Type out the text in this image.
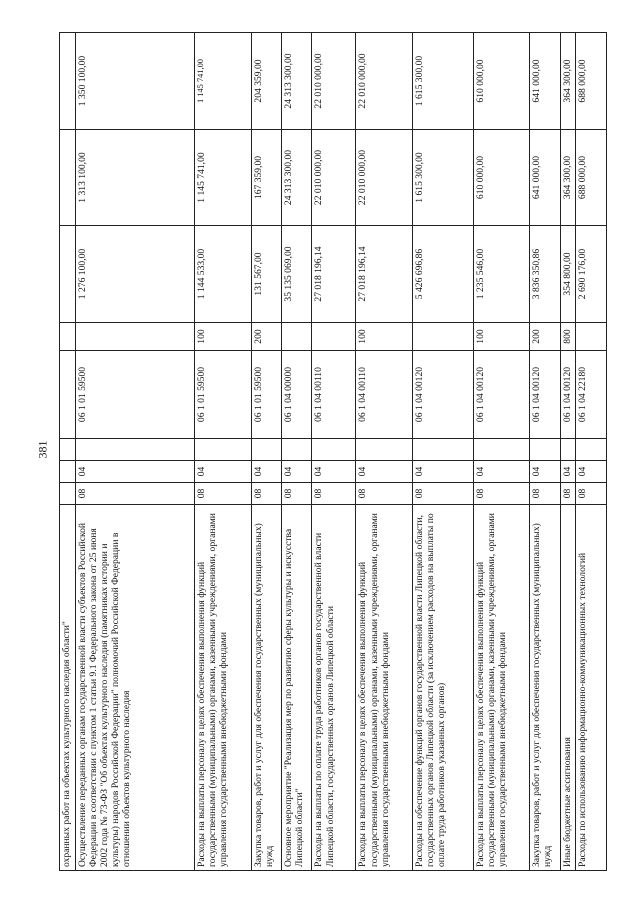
381
охранных работ на объектах культурного наследия области"								
Осуществление переданных органам государственной власти субъектов Российской Федерации в соответствии с пунктом 1 статьи 9.1 Федерального закона от 25 июня 2002 года № 73-ФЗ "Об объектах культурного наследия (памятниках истории и культуры) народов Российской Федерации" полномочий Российской Федерации в отношении объектов культурного наследия	08	04		06 1 01 59500		1 276 100,00	1 313 100,00	1 350 100,00
Расходы на выплаты персоналу в целях обеспечения выполнения функций государственными (муниципальными) органами, казенными учреждениями, органами управления государственными внебюджетными фондами	08	04		06 1 01 59500	100	1 144 533,00	1 145 741,00	1 145 741,00
Закупка товаров, работ и услуг для обеспечения государственных (муниципальных) нужд	08	04		06 1 01 59500	200	131 567,00	167 359,00	204 359,00
Основное мероприятие "Реализация мер по развитию сферы культуры и искусства Липецкой области"	08	04		06 1 04 00000		35 135 069,00	24 313 300,00	24 313 300,00
Расходы на выплаты по оплате труда работников органов государственной власти Липецкой области, государственных органов Липецкой области	08	04		06 1 04 00110		27 018 196,14	22 010 000,00	22 010 000,00
Расходы на выплаты персоналу в целях обеспечения выполнения функций государственными (муниципальными) органами, казенными учреждениями, органами управления государственными внебюджетными фондами	08	04		06 1 04 00110	100	27 018 196,14	22 010 000,00	22 010 000,00
Расходы на обеспечение функций органов государственной власти Липецкой области, государственных органов Липецкой области (за исключением расходов на выплаты по оплате труда работников указанных органов)	08	04		06 1 04 00120		5 426 696,86	1 615 300,00	1 615 300,00
Расходы на выплаты персоналу в целях обеспечения выполнения функций государственными (муниципальными) органами, казенными учреждениями, органами управления государственными внебюджетными фондами	08	04		06 1 04 00120	100	1 235 546,00	610 000,00	610 000,00
Закупка товаров, работ и услуг для обеспечения государственных (муниципальных) нужд	08	04		06 1 04 00120	200	3 836 350,86	641 000,00	641 000,00
Иные бюджетные ассигнования	08	04		06 1 04 00120	800	354 800,00	364 300,00	364 300,00
Расходы по использованию информационно-коммуникационных технологий	08	04		06 1 04 22180		2 690 176,00	688 000,00	688 000,00
